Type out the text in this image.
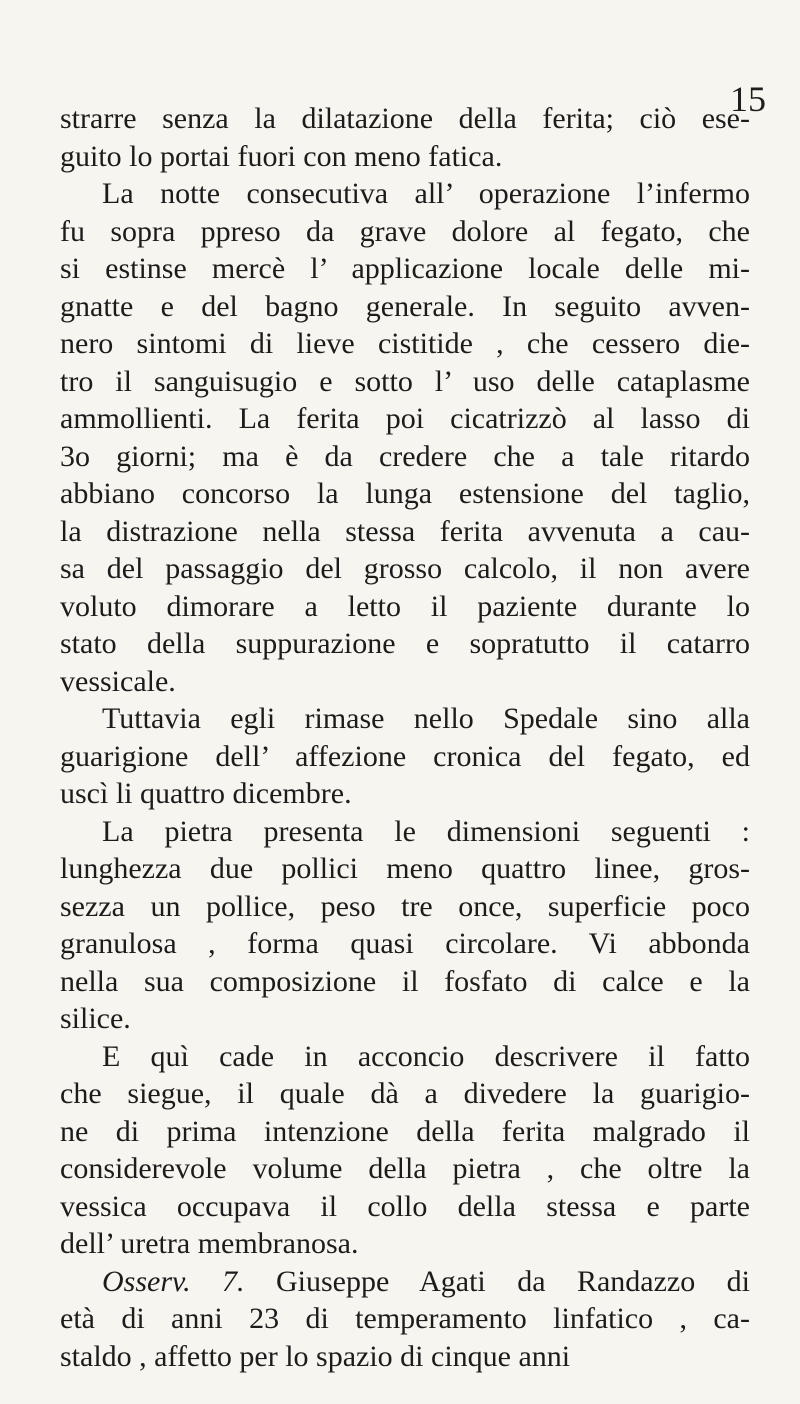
15
strarre senza la dilatazione della ferita; ciò ese-
guito lo portai fuori con meno fatica.
La notte consecutiva all’ operazione l’infermo
fu sopra ppreso da grave dolore al fegato, che
si estinse mercè l’ applicazione locale delle mi-
gnatte e del bagno generale. In seguito avven-
nero sintomi di lieve cistitide , che cessero die-
tro il sanguisugio e sotto l’ uso delle cataplasme
ammollienti. La ferita poi cicatrizzò al lasso di
3o giorni; ma è da credere che a tale ritardo
abbiano concorso la lunga estensione del taglio,
la distrazione nella stessa ferita avvenuta a cau-
sa del passaggio del grosso calcolo, il non avere
voluto dimorare a letto il paziente durante lo
stato della suppurazione e sopratutto il catarro
vessicale.
Tuttavia egli rimase nello Spedale sino alla
guarigione dell’ affezione cronica del fegato, ed
uscì li quattro dicembre.
La pietra presenta le dimensioni seguenti :
lunghezza due pollici meno quattro linee, gros-
sezza un pollice, peso tre once, superficie poco
granulosa , forma quasi circolare. Vi abbonda
nella sua composizione il fosfato di calce e la
silice.
E quì cade in acconcio descrivere il fatto
che siegue, il quale dà a divedere la guarigio-
ne di prima intenzione della ferita malgrado il
considerevole volume della pietra , che oltre la
vessica occupava il collo della stessa e parte
dell’ uretra membranosa.
Osserv. 7. Giuseppe Agati da Randazzo di
età di anni 23 di temperamento linfatico , ca-
staldo , affetto per lo spazio di cinque anni
